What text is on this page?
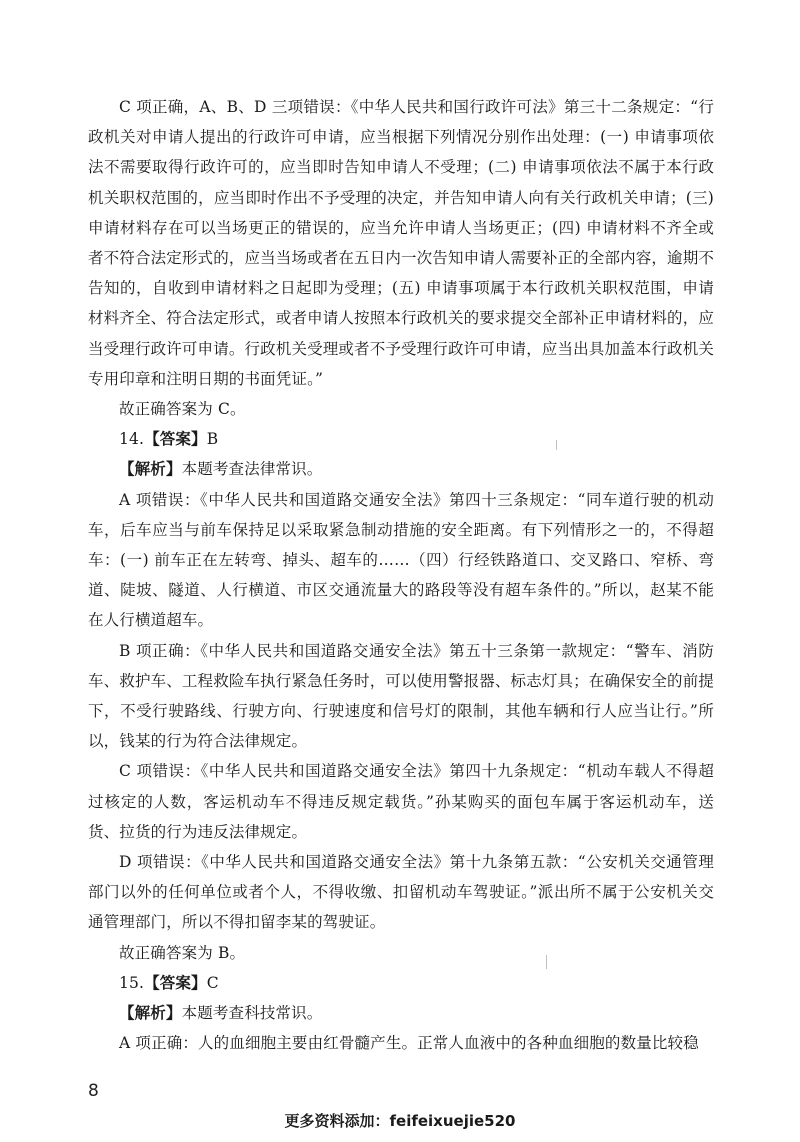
C 项正确，A、B、D 三项错误：《中华人民共和国行政许可法》第三十二条规定：“行政机关对申请人提出的行政许可申请，应当根据下列情况分别作出处理：(一) 申请事项依法不需要取得行政许可的，应当即时告知申请人不受理；(二) 申请事项依法不属于本行政机关职权范围的，应当即时作出不予受理的决定，并告知申请人向有关行政机关申请；(三) 申请材料存在可以当场更正的错误的，应当允许申请人当场更正；(四) 申请材料不齐全或者不符合法定形式的，应当当场或者在五日内一次告知申请人需要补正的全部内容，逾期不告知的，自收到申请材料之日起即为受理；(五) 申请事项属于本行政机关职权范围，申请材料齐全、符合法定形式，或者申请人按照本行政机关的要求提交全部补正申请材料的，应当受理行政许可申请。行政机关受理或者不予受理行政许可申请，应当出具加盖本行政机关专用印章和注明日期的书面凭证。”

故正确答案为 C。

14.【答案】B

【解析】本题考查法律常识。

A 项错误：《中华人民共和国道路交通安全法》第四十三条规定：“同车道行驶的机动车，后车应当与前车保持足以采取紧急制动措施的安全距离。有下列情形之一的，不得超车：(一) 前车正在左转弯、掉头、超车的……（四）行经铁路道口、交叉路口、窄桥、弯道、陡坡、隧道、人行横道、市区交通流量大的路段等没有超车条件的。”所以，赵某不能在人行横道超车。

B 项正确：《中华人民共和国道路交通安全法》第五十三条第一款规定：“警车、消防车、救护车、工程救险车执行紧急任务时，可以使用警报器、标志灯具；在确保安全的前提下，不受行驶路线、行驶方向、行驶速度和信号灯的限制，其他车辆和行人应当让行。”所以，钱某的行为符合法律规定。

C 项错误：《中华人民共和国道路交通安全法》第四十九条规定：“机动车载人不得超过核定的人数，客运机动车不得违反规定载货。”孙某购买的面包车属于客运机动车，送货、拉货的行为违反法律规定。

D 项错误：《中华人民共和国道路交通安全法》第十九条第五款：“公安机关交通管理部门以外的任何单位或者个人，不得收缴、扣留机动车驾驶证。”派出所不属于公安机关交通管理部门，所以不得扣留李某的驾驶证。

故正确答案为 B。

15.【答案】C

【解析】本题考查科技常识。

A 项正确：人的血细胞主要由红骨髓产生。正常人血液中的各种血细胞的数量比较稳

8
更多资料添加：feifeixuejie520
